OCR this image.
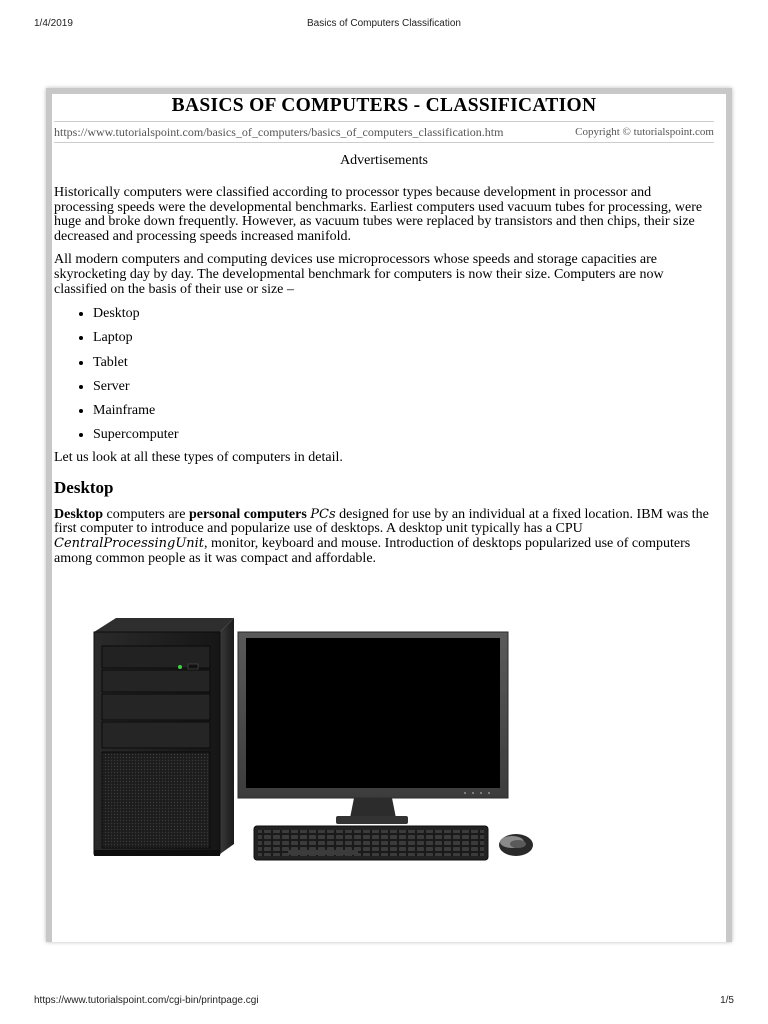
1/4/2019	Basics of Computers Classification
BASICS OF COMPUTERS - CLASSIFICATION
https://www.tutorialspoint.com/basics_of_computers/basics_of_computers_classification.htm	Copyright © tutorialspoint.com
Advertisements

Historically computers were classified according to processor types because development in processor and processing speeds were the developmental benchmarks. Earliest computers used vacuum tubes for processing, were huge and broke down frequently. However, as vacuum tubes were replaced by transistors and then chips, their size decreased and processing speeds increased manifold.

All modern computers and computing devices use microprocessors whose speeds and storage capacities are skyrocketing day by day. The developmental benchmark for computers is now their size. Computers are now classified on the basis of their use or size –

• Desktop
• Laptop
• Tablet
• Server
• Mainframe
• Supercomputer

Let us look at all these types of computers in detail.

Desktop

Desktop computers are personal computers PCs designed for use by an individual at a fixed location. IBM was the first computer to introduce and popularize use of desktops. A desktop unit typically has a CPU CentralProcessingUnit, monitor, keyboard and mouse. Introduction of desktops popularized use of computers among common people as it was compact and affordable.

https://www.tutorialspoint.com/cgi-bin/printpage.cgi	1/5
